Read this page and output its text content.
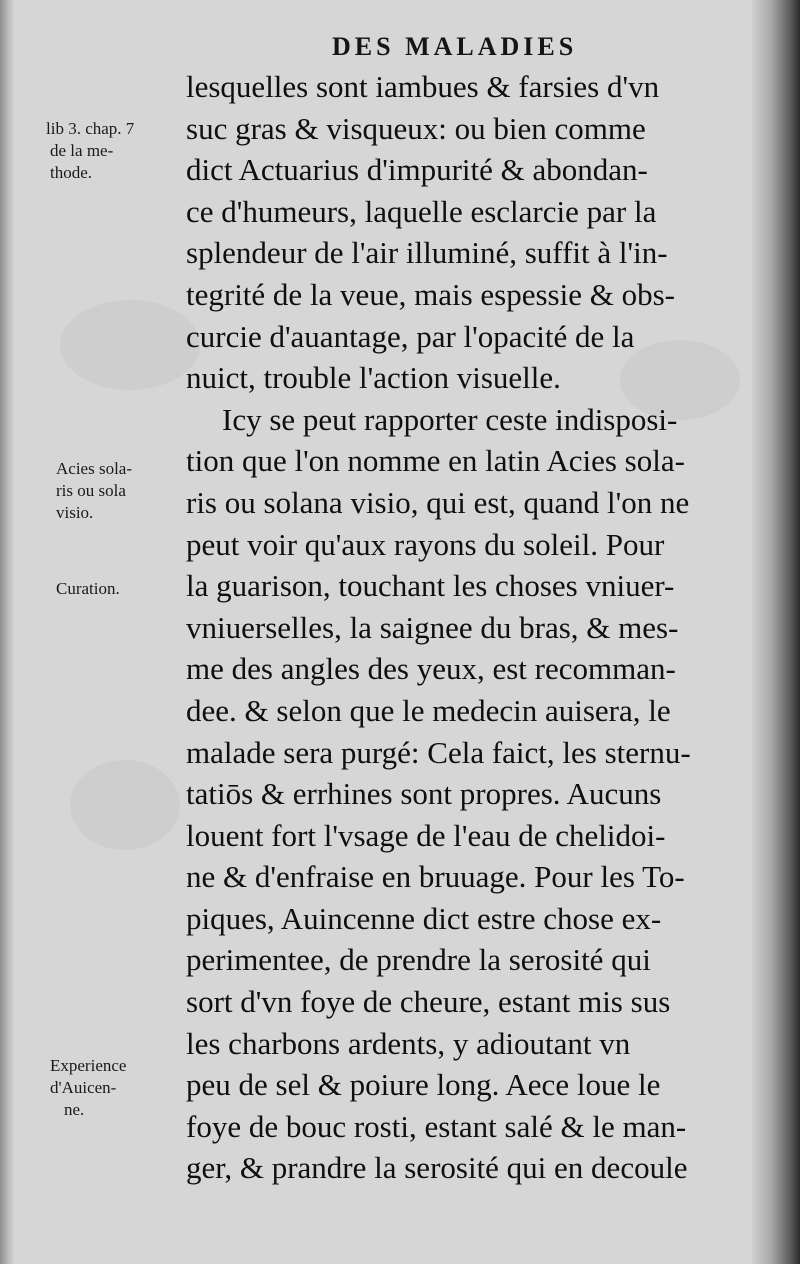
DES MALADIES
lib 3. chap. 7
de la me-
thode.
Acies sola-
ris ou sola
visio.
Curation.
Experience
d'Auicen-
ne.
lesquelles sont iambues & farsies d'vn
suc gras & visqueux: ou bien comme
dict Actuarius d'impurité & abondan-
ce d'humeurs, laquelle esclarcie par la
splendeur de l'air illuminé, suffit à l'in-
tegrité de la veue, mais espessie & obs-
curcie d'auantage, par l'opacité de la
nuict, trouble l'action visuelle.
Icy se peut rapporter ceste indisposi-
tion que l'on nomme en latin Acies sola-
ris ou solana visio, qui est, quand l'on ne
peut voir qu'aux rayons du soleil. Pour
la guarison, touchant les choses vniuer-
vniuerselles, la saignee du bras, & mes-
me des angles des yeux, est recomman-
dee. & selon que le medecin auisera, le
malade sera purgé: Cela faict, les sternu-
tatiōs & errhines sont propres. Aucuns
louent fort l'vsage de l'eau de chelidoi-
ne & d'enfraise en bruuage. Pour les To-
piques, Auincenne dict estre chose ex-
perimentee, de prendre la serosité qui
sort d'vn foye de cheure, estant mis sus
les charbons ardents, y adioutant vn
peu de sel & poiure long. Aece loue le
foye de bouc rosti, estant salé & le man-
ger, & prandre la serosité qui en decoule
